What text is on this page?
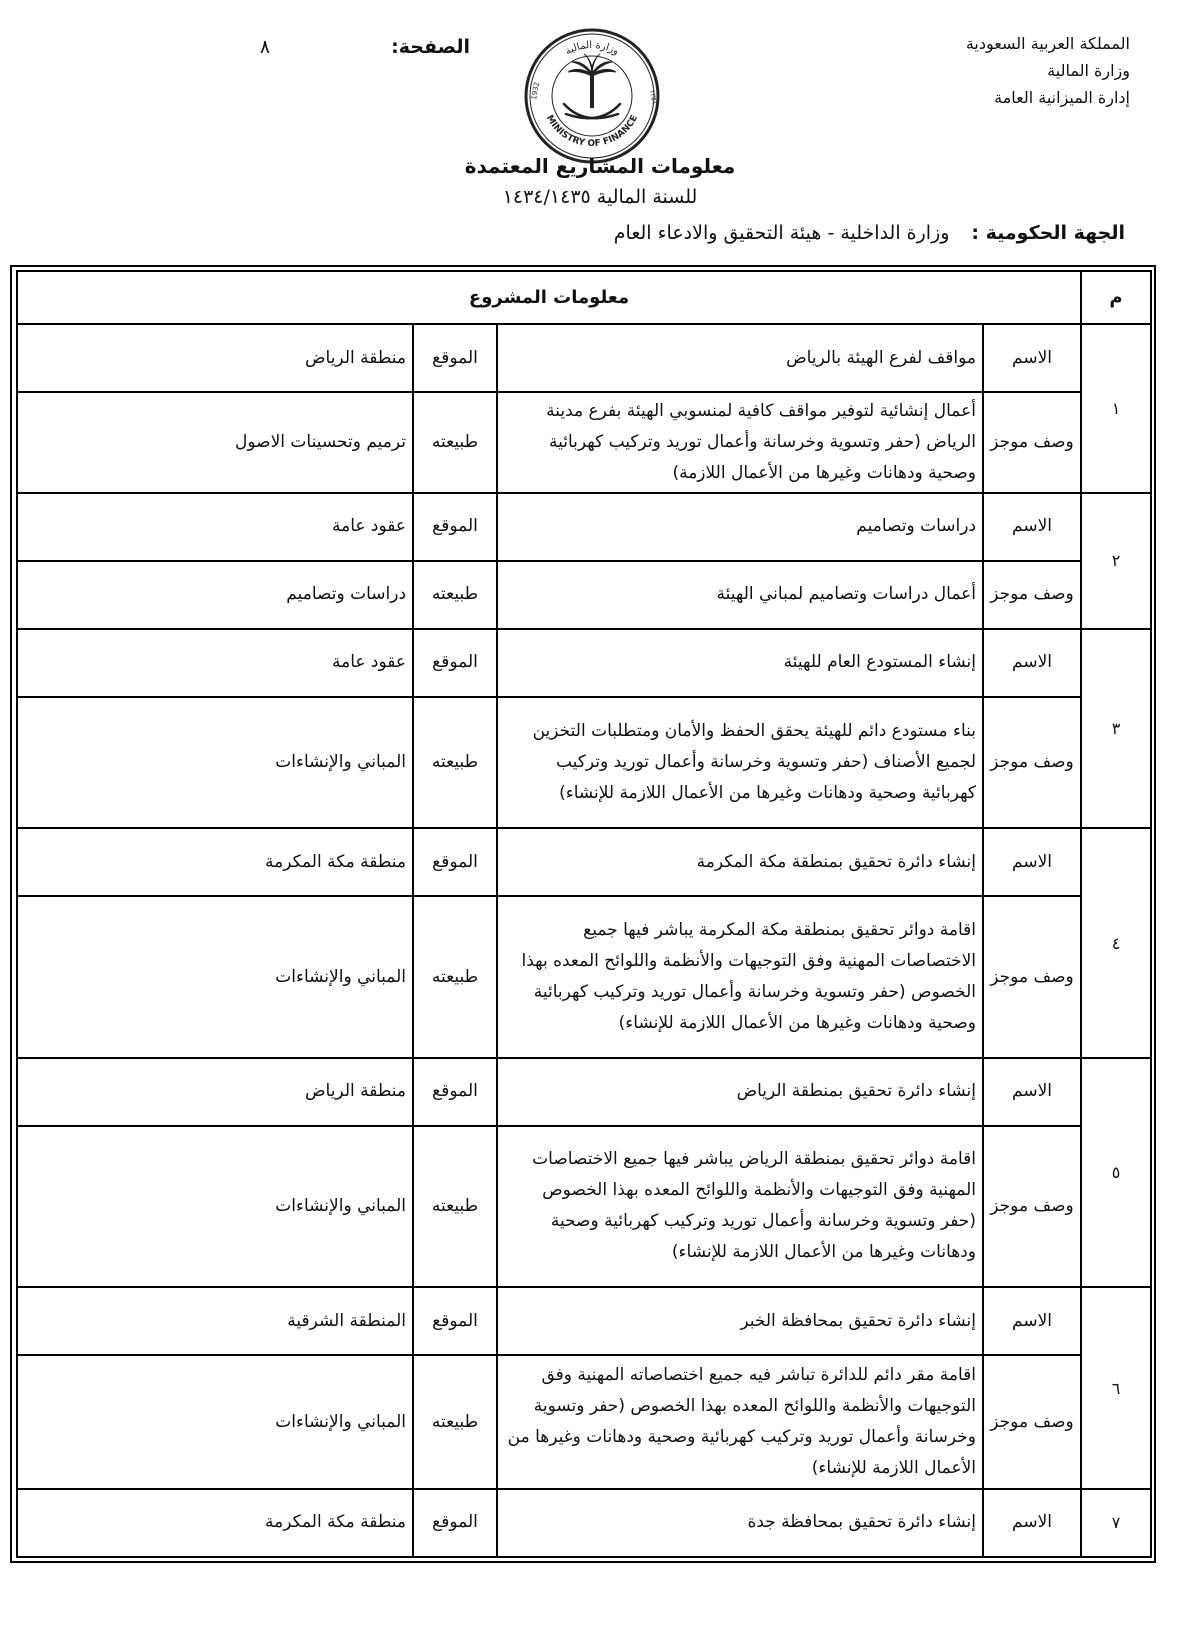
المملكة العربية السعودية
وزارة المالية
إدارة الميزانية العامة
الصفحة:
٨	وزارة المالية
MINISTRY OF FINANCE
1932	١٣٥١
معلومات المشاريع المعتمدة
للسنة المالية ١٤٣٤/١٤٣٥
الجهة الحكومية :وزارة الداخلية - هيئة التحقيق والادعاء العام
م	معلومات المشروع			
١	الاسم	مواقف لفرع الهيئة بالرياض	الموقع	منطقة الرياض
	وصف موجز	أعمال إنشائية لتوفير مواقف كافية لمنسوبي الهيئة بفرع مدينة الرياض (حفر وتسوية وخرسانة وأعمال توريد وتركيب كهربائية وصحية ودهانات وغيرها من الأعمال اللازمة)	طبيعته	ترميم وتحسينات الاصول
٢	الاسم	دراسات وتصاميم	الموقع	عقود عامة
	وصف موجز	أعمال دراسات وتصاميم لمباني الهيئة	طبيعته	دراسات وتصاميم
٣	الاسم	إنشاء المستودع العام للهيئة	الموقع	عقود عامة
	وصف موجز	بناء مستودع دائم للهيئة يحقق الحفظ والأمان ومتطلبات التخزين لجميع الأصناف (حفر وتسوية وخرسانة وأعمال توريد وتركيب كهربائية وصحية ودهانات وغيرها من الأعمال اللازمة للإنشاء)	طبيعته	المباني والإنشاءات
٤	الاسم	إنشاء دائرة تحقيق بمنطقة مكة المكرمة	الموقع	منطقة مكة المكرمة
	وصف موجز	اقامة دوائر تحقيق بمنطقة مكة المكرمة يباشر فيها جميع الاختصاصات المهنية وفق التوجيهات والأنظمة واللوائح المعده بهذا الخصوص (حفر وتسوية وخرسانة وأعمال توريد وتركيب كهربائية وصحية ودهانات وغيرها من الأعمال اللازمة للإنشاء)	طبيعته	المباني والإنشاءات
٥	الاسم	إنشاء دائرة تحقيق بمنطقة الرياض	الموقع	منطقة الرياض
	وصف موجز	اقامة دوائر تحقيق بمنطقة الرياض يباشر فيها جميع الاختصاصات المهنية وفق التوجيهات والأنظمة واللوائح المعده بهذا الخصوص (حفر وتسوية وخرسانة وأعمال توريد وتركيب كهربائية وصحية ودهانات وغيرها من الأعمال اللازمة للإنشاء)	طبيعته	المباني والإنشاءات
٦	الاسم	إنشاء دائرة تحقيق بمحافظة الخبر	الموقع	المنطقة الشرقية
	وصف موجز	اقامة مقر دائم للدائرة تباشر فيه جميع اختصاصاته المهنية وفق التوجيهات والأنظمة واللوائح المعده بهذا الخصوص (حفر وتسوية وخرسانة وأعمال توريد وتركيب كهربائية وصحية ودهانات وغيرها من الأعمال اللازمة للإنشاء)	طبيعته	المباني والإنشاءات
٧	الاسم	إنشاء دائرة تحقيق بمحافظة جدة	الموقع	منطقة مكة المكرمة
